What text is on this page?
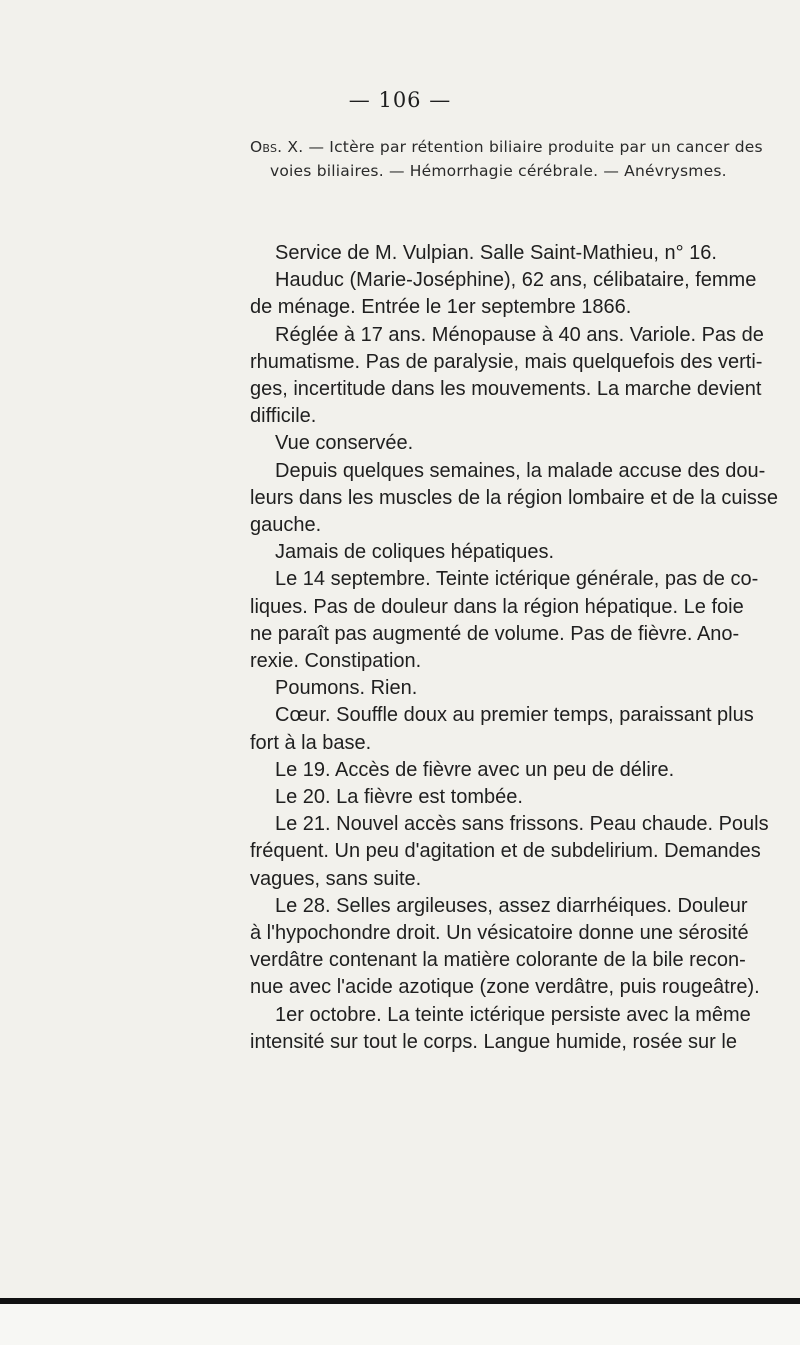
— 106 —
Obs. X. — Ictère par rétention biliaire produite par un cancer des
voies biliaires. — Hémorrhagie cérébrale. — Anévrysmes.
Service de M. Vulpian. Salle Saint-Mathieu, n° 16.
Hauduc (Marie-Joséphine), 62 ans, célibataire, femme
de ménage. Entrée le 1er septembre 1866.
Réglée à 17 ans. Ménopause à 40 ans. Variole. Pas de
rhumatisme. Pas de paralysie, mais quelquefois des verti-
ges, incertitude dans les mouvements. La marche devient
difficile.
Vue conservée.
Depuis quelques semaines, la malade accuse des dou-
leurs dans les muscles de la région lombaire et de la cuisse
gauche.
Jamais de coliques hépatiques.
Le 14 septembre. Teinte ictérique générale, pas de co-
liques. Pas de douleur dans la région hépatique. Le foie
ne paraît pas augmenté de volume. Pas de fièvre. Ano-
rexie. Constipation.
Poumons. Rien.
Cœur. Souffle doux au premier temps, paraissant plus
fort à la base.
Le 19. Accès de fièvre avec un peu de délire.
Le 20. La fièvre est tombée.
Le 21. Nouvel accès sans frissons. Peau chaude. Pouls
fréquent. Un peu d'agitation et de subdelirium. Demandes
vagues, sans suite.
Le 28. Selles argileuses, assez diarrhéiques. Douleur
à l'hypochondre droit. Un vésicatoire donne une sérosité
verdâtre contenant la matière colorante de la bile recon-
nue avec l'acide azotique (zone verdâtre, puis rougeâtre).
1er octobre. La teinte ictérique persiste avec la même
intensité sur tout le corps. Langue humide, rosée sur le
